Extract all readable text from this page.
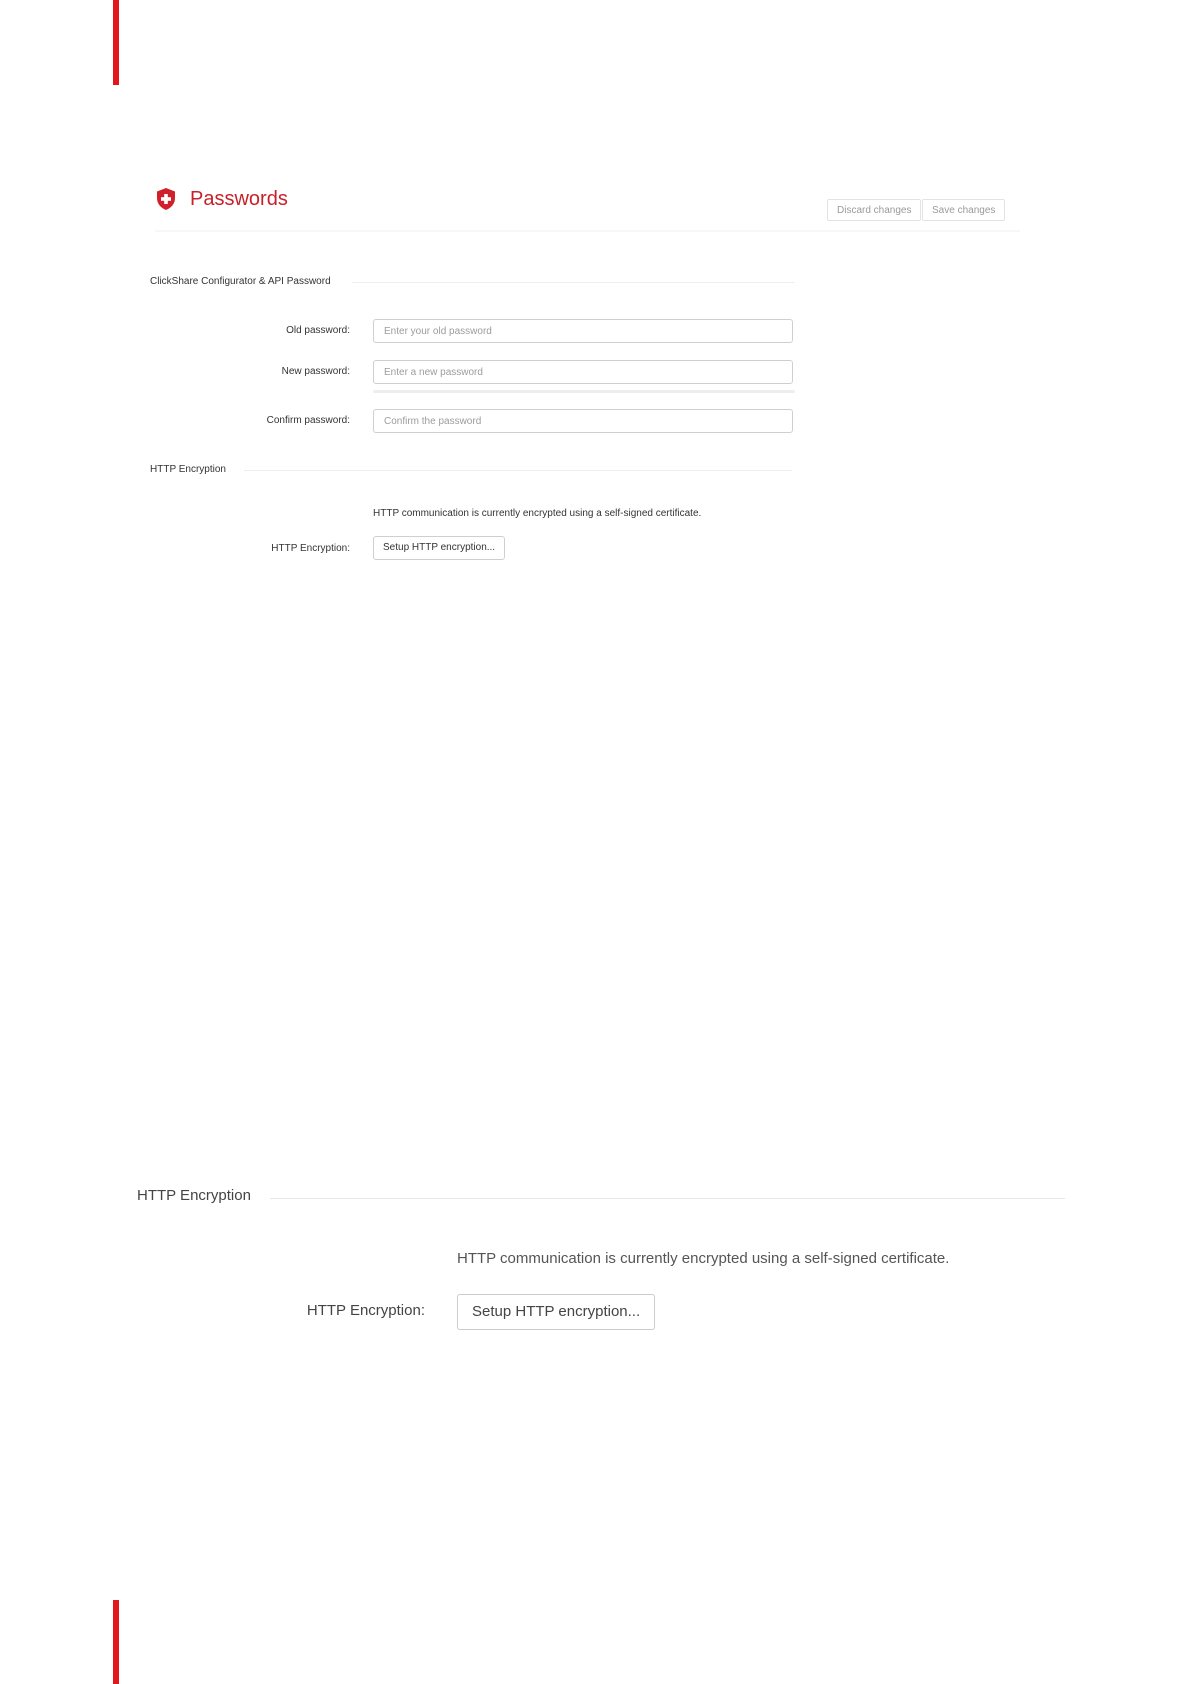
Passwords
Discard changes	Save changes
ClickShare Configurator & API Password
Old password:
New password:
Confirm password:
HTTP Encryption
HTTP communication is currently encrypted using a self-signed certificate.
HTTP Encryption:	Setup HTTP encryption...
HTTP Encryption
HTTP communication is currently encrypted using a self-signed certificate.
HTTP Encryption:	Setup HTTP encryption...
